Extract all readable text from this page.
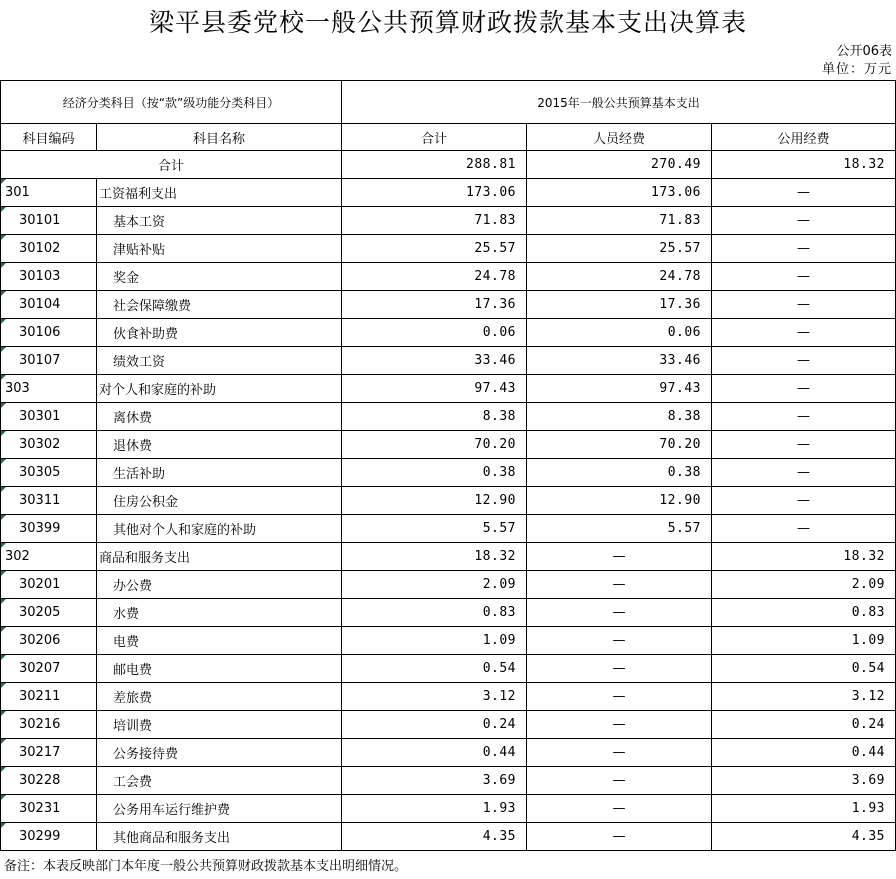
梁平县委党校一般公共预算财政拨款基本支出决算表
公开06表
单位：万元
经济分类科目（按“款”级功能分类科目）		2015年一般公共预算基本支出		
科目编码	科目名称	合计	人员经费	公用经费
合计		288.81	270.49	18.32

301	工资福利支出	173.06	173.06	—

30101	基本工资	71.83	71.83	—

30102	津贴补贴	25.57	25.57	—

30103	奖金	24.78	24.78	—

30104	社会保障缴费	17.36	17.36	—

30106	伙食补助费	0.06	0.06	—

30107	绩效工资	33.46	33.46	—

303	对个人和家庭的补助	97.43	97.43	—

30301	离休费	8.38	8.38	—

30302	退休费	70.20	70.20	—

30305	生活补助	0.38	0.38	—

30311	住房公积金	12.90	12.90	—

30399	其他对个人和家庭的补助	5.57	5.57	—

302	商品和服务支出	18.32	—	18.32

30201	办公费	2.09	—	2.09

30205	水费	0.83	—	0.83

30206	电费	1.09	—	1.09

30207	邮电费	0.54	—	0.54

30211	差旅费	3.12	—	3.12

30216	培训费	0.24	—	0.24

30217	公务接待费	0.44	—	0.44

30228	工会费	3.69	—	3.69

30231	公务用车运行维护费	1.93	—	1.93

30299	其他商品和服务支出	4.35	—	4.35
备注：本表反映部门本年度一般公共预算财政拨款基本支出明细情况。
